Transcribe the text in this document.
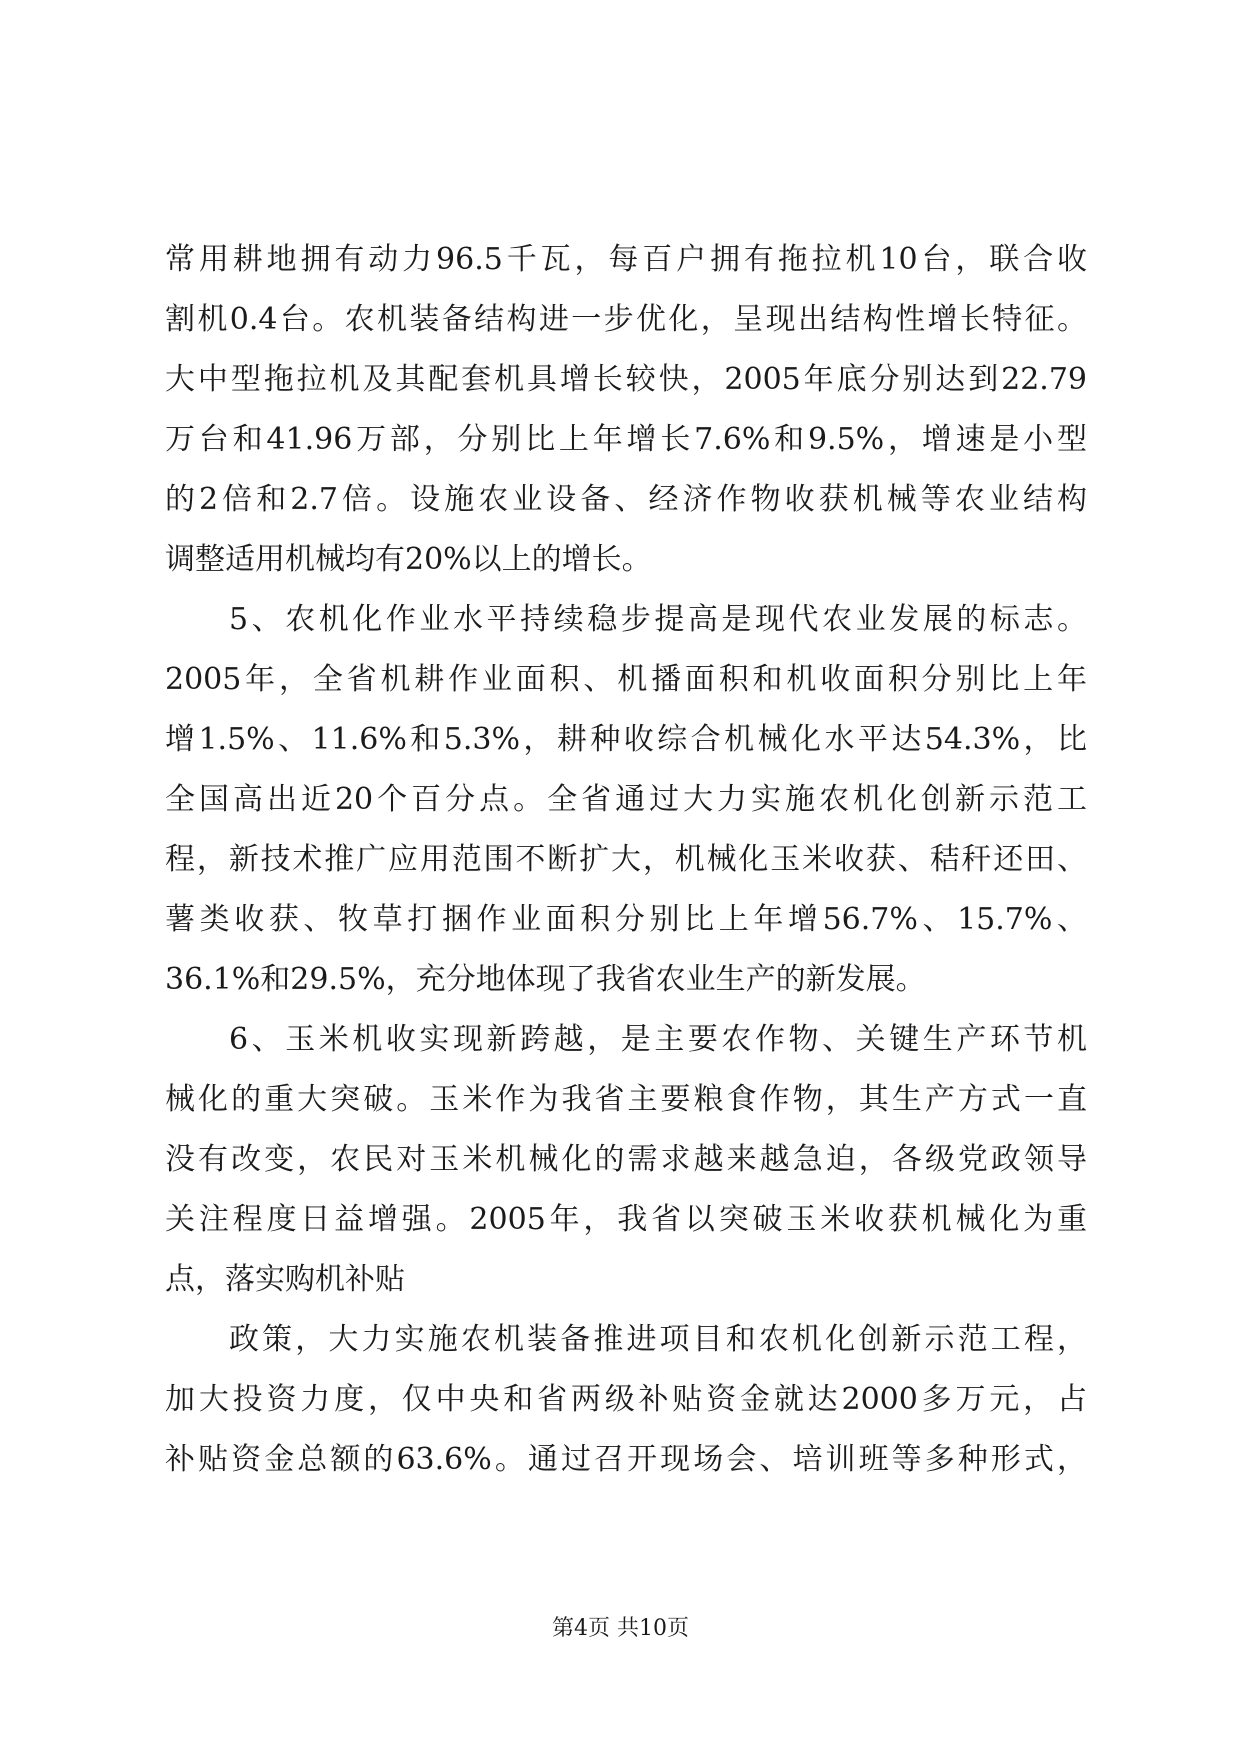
常用耕地拥有动力96.5千瓦，每百户拥有拖拉机10台，联合收
割机0.4台。农机装备结构进一步优化，呈现出结构性增长特征。
大中型拖拉机及其配套机具增长较快，2005年底分别达到22.79
万台和41.96万部，分别比上年增长7.6%和9.5%，增速是小型
的2倍和2.7倍。设施农业设备、经济作物收获机械等农业结构
调整适用机械均有20%以上的增长。
5、农机化作业水平持续稳步提高是现代农业发展的标志。
2005年，全省机耕作业面积、机播面积和机收面积分别比上年
增1.5%、11.6%和5.3%，耕种收综合机械化水平达54.3%，比
全国高出近20个百分点。全省通过大力实施农机化创新示范工
程，新技术推广应用范围不断扩大，机械化玉米收获、秸秆还田、
薯类收获、牧草打捆作业面积分别比上年增56.7%、15.7%、
36.1%和29.5%，充分地体现了我省农业生产的新发展。
6、玉米机收实现新跨越，是主要农作物、关键生产环节机
械化的重大突破。玉米作为我省主要粮食作物，其生产方式一直
没有改变，农民对玉米机械化的需求越来越急迫，各级党政领导
关注程度日益增强。2005年，我省以突破玉米收获机械化为重
点，落实购机补贴
政策，大力实施农机装备推进项目和农机化创新示范工程，
加大投资力度，仅中央和省两级补贴资金就达2000多万元，占
补贴资金总额的63.6%。通过召开现场会、培训班等多种形式，
第4页 共10页
